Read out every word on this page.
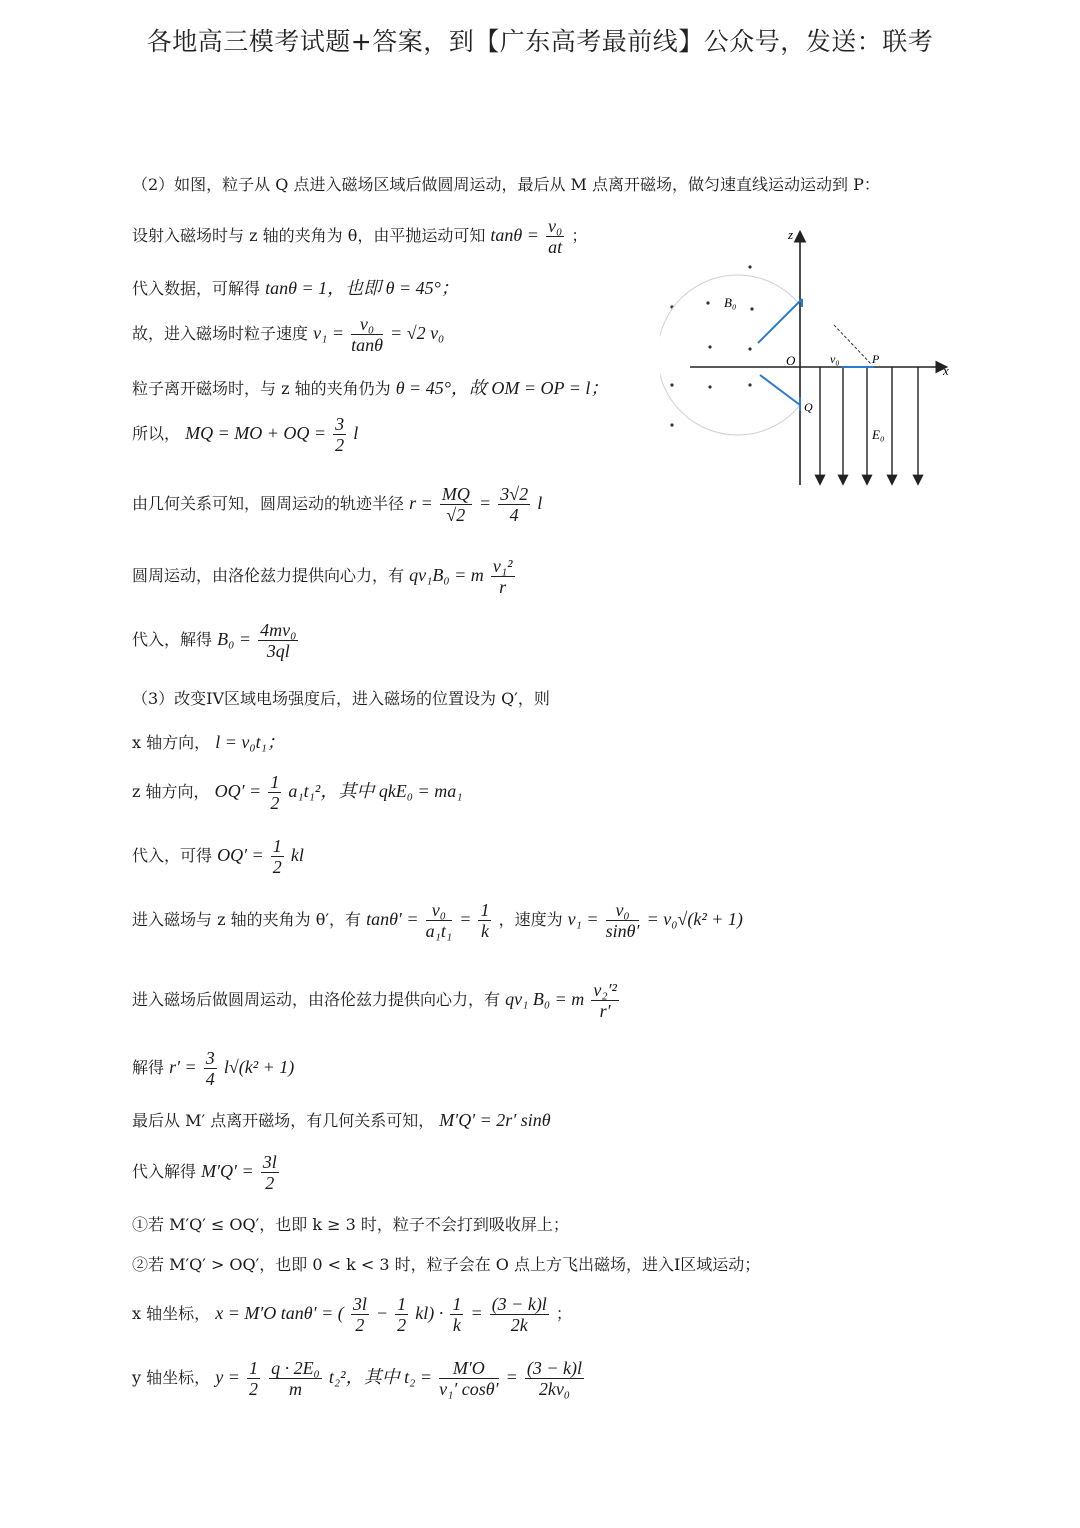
各地高三模考试题+答案，到【广东高考最前线】公众号，发送：联考
（2）如图，粒子从 Q 点进入磁场区域后做圆周运动，最后从 M 点离开磁场，做匀速直线运动运动到 P：
设射入磁场时与 z 轴的夹角为 θ，由平抛运动可知 $\tan\theta = \frac{\text{v₀}}{at}$ ；
代入数据，可解得 tanθ = 1，也即 θ = 45°；
故，进入磁场时粒子速度 $v_1 = \frac{\text{v₀}}{\tan\theta} = √2$ v₀
粒子离开磁场时，与 z 轴的夹角仍为 θ = 45°，故 OM = OP = l；
所以， MQ = MO + OQ = $\frac{3}{2}$ l
由几何关系可知，圆周运动的轨迹半径 $r = \frac{MQ}{√2} = \frac{3√2}{4}$ l
圆周运动，由洛伦兹力提供向心力，有 qv₁B₀ = m $\frac{\text{v₁²}}{r}$
代入，解得 $B_0 = \frac{\text{4mv₀}}{3ql}$
（3）改变IV区域电场强度后，进入磁场的位置设为 Q′，则
x 轴方向， l = v₀t₁；
z 轴方向， $OQ' = \frac{1}{2} a_1t_1^2$，其中 qkE₀ = ma₁
代入，可得 $OQ' = \frac{1}{2}$ kl
进入磁场与 z 轴的夹角为 θ′，有 $\tan\theta' = \frac{\text{v₀}}{\text{a₁t₁}} = \frac{1}{k}$ ，速度为 $v_1 = \frac{\text{v₀}}{\sin\theta'} = v_0√(k^2 + 1)$
进入磁场后做圆周运动，由洛伦兹力提供向心力，有 qv₁ B₀ = m $\frac{\text{v₂′²}}{r'}$
解得 $r' = \frac{3}{4} l√(k^2 + 1)$
最后从 M′ 点离开磁场，有几何关系可知， M′Q′ = 2r′ sinθ
代入解得 $M'Q' = \frac{3l}{2}$
①若 M′Q′ ≤ OQ′，也即 k ≥ 3 时，粒子不会打到吸收屏上；
②若 M′Q′ > OQ′，也即 0 < k < 3 时，粒子会在 O 点上方飞出磁场，进入I区域运动；
x 轴坐标， x = M′O tanθ′ = ( $\frac{3l}{2} - \frac{1}{2} kl) \cdot \frac{1}{k} = \frac{(3 - k)l}{2k}$ ；
y 轴坐标， $y = \frac{1}{2}$
$\frac{\text{q · 2E₀}}{m} t_2^2$，其中 $t_2 = \frac{M'O}{\text{v₁′ cosθ′}} = \frac{(3 - k)l}{\text{2kv₀}}$
z
x
O
B₀
Q
P
v₀
E₀
